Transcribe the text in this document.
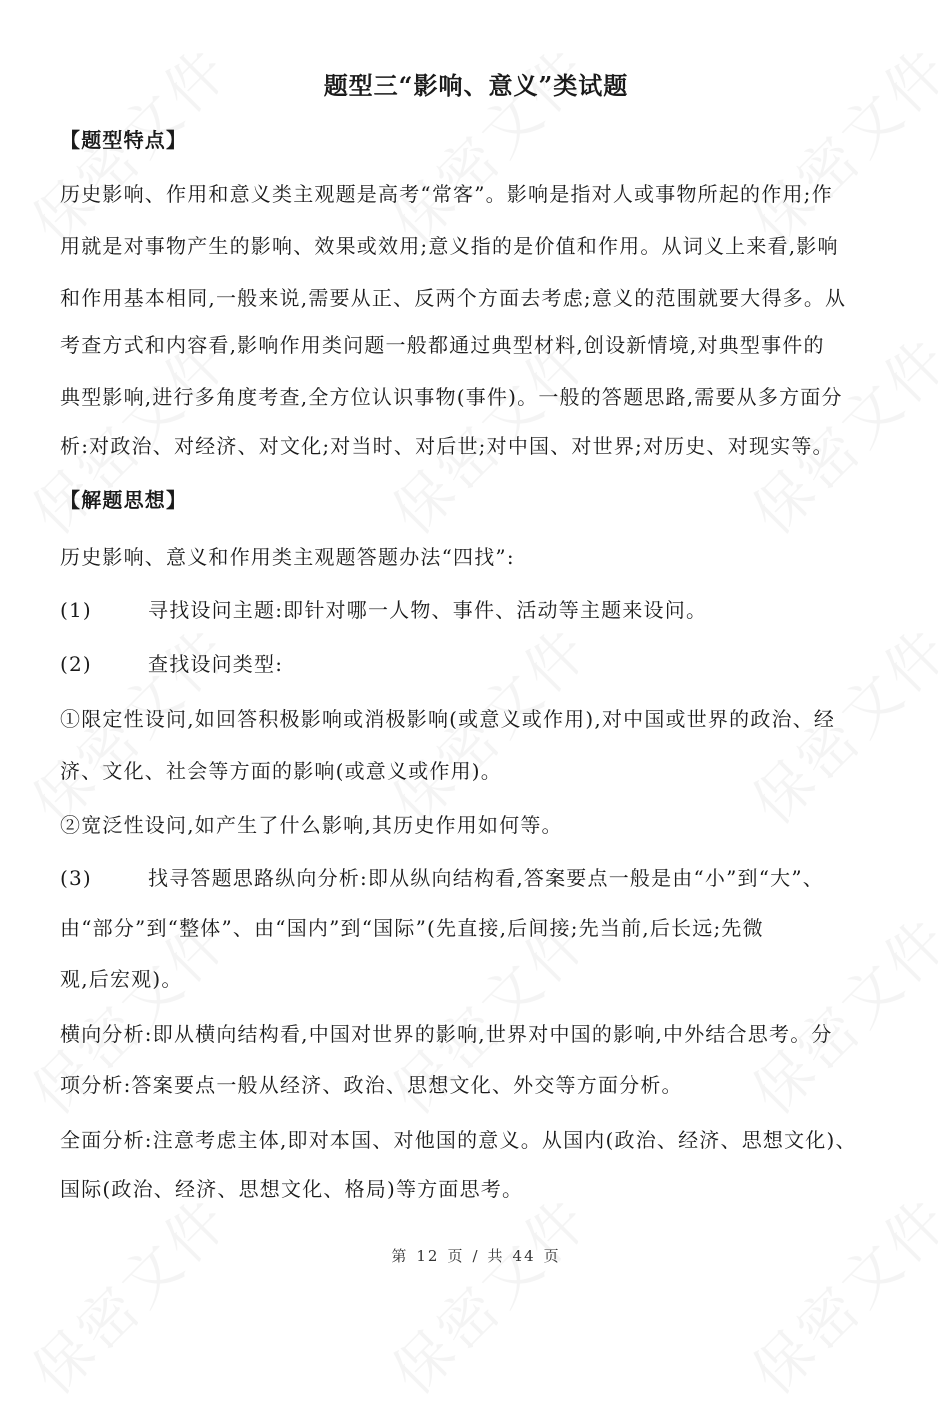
题型三“影响、意义”类试题
【题型特点】
历史影响、作用和意义类主观题是高考“常客”。影响是指对人或事物所起的作用;作
用就是对事物产生的影响、效果或效用;意义指的是价值和作用。从词义上来看,影响
和作用基本相同,一般来说,需要从正、反两个方面去考虑;意义的范围就要大得多。从
考查方式和内容看,影响作用类问题一般都通过典型材料,创设新情境,对典型事件的
典型影响,进行多角度考查,全方位认识事物(事件)。一般的答题思路,需要从多方面分
析:对政治、对经济、对文化;对当时、对后世;对中国、对世界;对历史、对现实等。
【解题思想】
历史影响、意义和作用类主观题答题办法“四找”:
(1)	寻找设问主题:即针对哪一人物、事件、活动等主题来设问。
(2)	查找设问类型:
①限定性设问,如回答积极影响或消极影响(或意义或作用),对中国或世界的政治、经
济、文化、社会等方面的影响(或意义或作用)。
②宽泛性设问,如产生了什么影响,其历史作用如何等。
(3)	找寻答题思路纵向分析:即从纵向结构看,答案要点一般是由“小”到“大”、
由“部分”到“整体”、由“国内”到“国际”(先直接,后间接;先当前,后长远;先微
观,后宏观)。
横向分析:即从横向结构看,中国对世界的影响,世界对中国的影响,中外结合思考。分
项分析:答案要点一般从经济、政治、思想文化、外交等方面分析。
全面分析:注意考虑主体,即对本国、对他国的意义。从国内(政治、经济、思想文化)、
国际(政治、经济、思想文化、格局)等方面思考。
第 12 页 / 共 44 页
